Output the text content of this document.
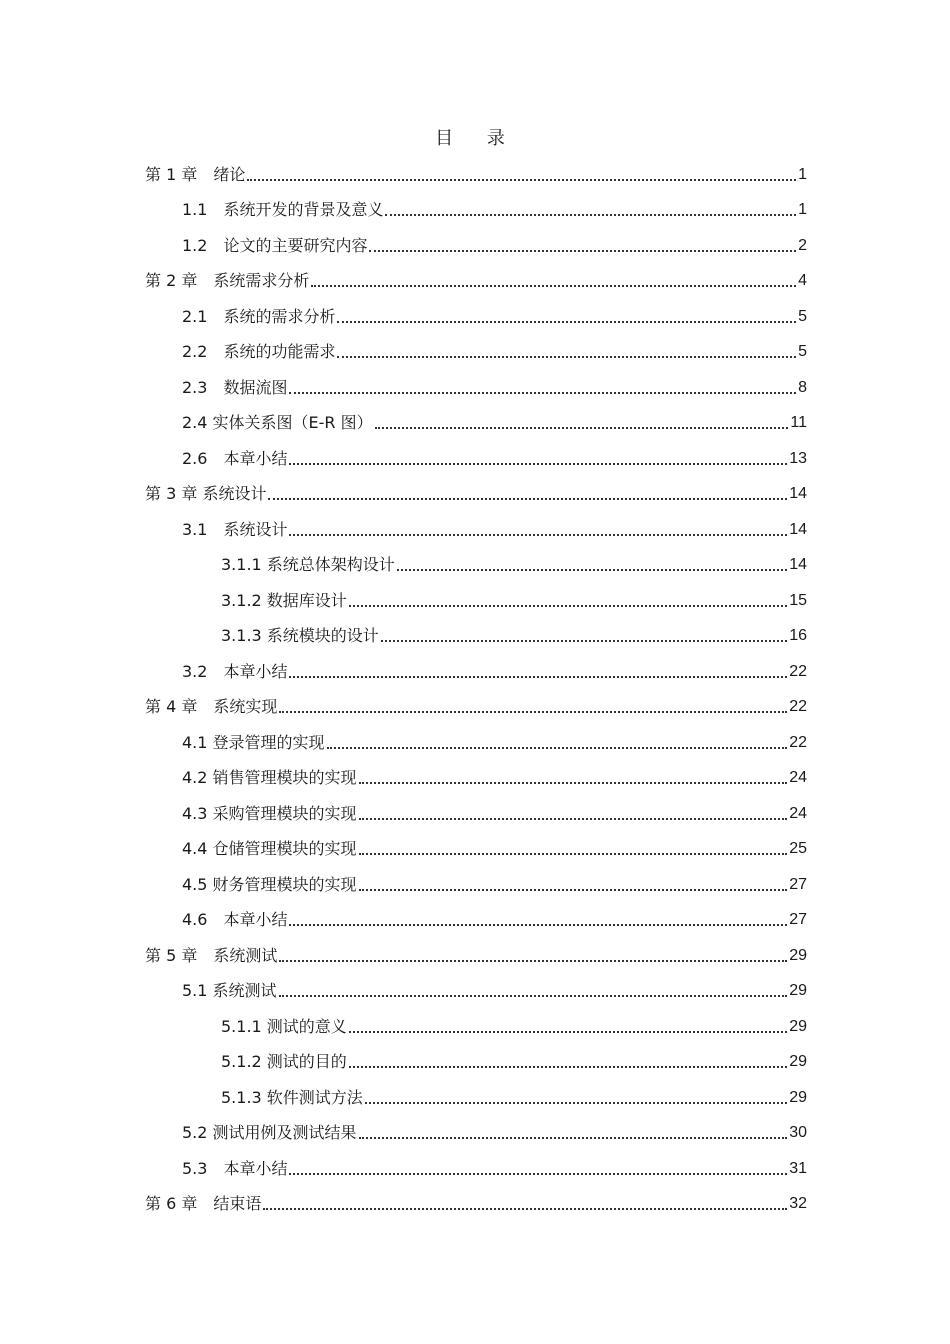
目 录
第 1 章　绪论	1
1.1　系统开发的背景及意义	1
1.2　论文的主要研究内容	2
第 2 章　系统需求分析	4
2.1　系统的需求分析	5
2.2　系统的功能需求	5
2.3　数据流图	8
2.4 实体关系图（E-R 图）	11
2.6　本章小结	13
第 3 章 系统设计	14
3.1　系统设计	14
3.1.1 系统总体架构设计	14
3.1.2 数据库设计	15
3.1.3 系统模块的设计	16
3.2　本章小结	22
第 4 章　系统实现	22
4.1 登录管理的实现	22
4.2 销售管理模块的实现	24
4.3 采购管理模块的实现	24
4.4 仓储管理模块的实现	25
4.5 财务管理模块的实现	27
4.6　本章小结	27
第 5 章　系统测试	29
5.1 系统测试	29
5.1.1 测试的意义	29
5.1.2 测试的目的	29
5.1.3 软件测试方法	29
5.2 测试用例及测试结果	30
5.3　本章小结	31
第 6 章　结束语	32
